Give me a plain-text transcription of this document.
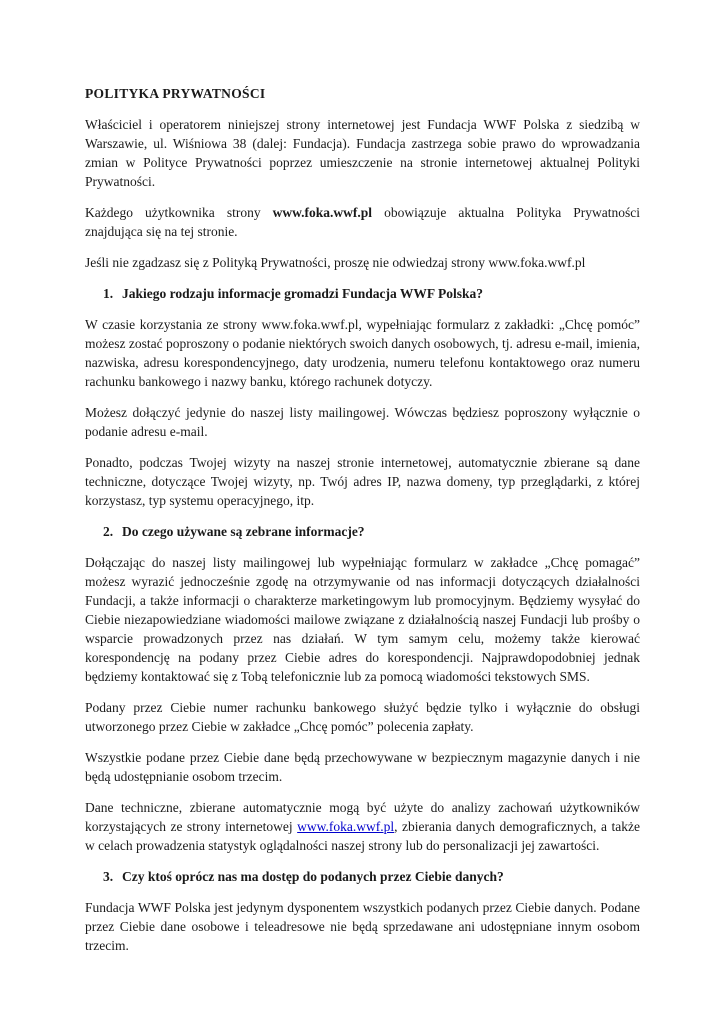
POLITYKA PRYWATNOŚCI

Właściciel i operatorem niniejszej strony internetowej jest Fundacja WWF Polska z siedzibą w Warszawie, ul. Wiśniowa 38 (dalej: Fundacja). Fundacja zastrzega sobie prawo do wprowadzania zmian w Polityce Prywatności poprzez umieszczenie na stronie internetowej aktualnej Polityki Prywatności.

Każdego użytkownika strony www.foka.wwf.pl obowiązuje aktualna Polityka Prywatności znajdująca się na tej stronie.

Jeśli nie zgadzasz się z Polityką Prywatności, proszę nie odwiedzaj strony www.foka.wwf.pl

1. Jakiego rodzaju informacje gromadzi Fundacja WWF Polska?

W czasie korzystania ze strony www.foka.wwf.pl, wypełniając formularz z zakładki: „Chcę pomóc” możesz zostać poproszony o podanie niektórych swoich danych osobowych, tj. adresu e-mail, imienia, nazwiska, adresu korespondencyjnego, daty urodzenia, numeru telefonu kontaktowego oraz numeru rachunku bankowego i nazwy banku, którego rachunek dotyczy.

Możesz dołączyć jedynie do naszej listy mailingowej. Wówczas będziesz poproszony wyłącznie o podanie adresu e-mail.

Ponadto, podczas Twojej wizyty na naszej stronie internetowej, automatycznie zbierane są dane techniczne, dotyczące Twojej wizyty, np. Twój adres IP, nazwa domeny, typ przeglądarki, z której korzystasz, typ systemu operacyjnego, itp.

2. Do czego używane są zebrane informacje?

Dołączając do naszej listy mailingowej lub wypełniając formularz w zakładce „Chcę pomagać” możesz wyrazić jednocześnie zgodę na otrzymywanie od nas informacji dotyczących działalności Fundacji, a także informacji o charakterze marketingowym lub promocyjnym. Będziemy wysyłać do Ciebie niezapowiedziane wiadomości mailowe związane z działalnością naszej Fundacji lub prośby o wsparcie prowadzonych przez nas działań. W tym samym celu, możemy także kierować korespondencję na podany przez Ciebie adres do korespondencji. Najprawdopodobniej jednak będziemy kontaktować się z Tobą telefonicznie lub za pomocą wiadomości tekstowych SMS.

Podany przez Ciebie numer rachunku bankowego służyć będzie tylko i wyłącznie do obsługi utworzonego przez Ciebie w zakładce „Chcę pomóc” polecenia zapłaty.

Wszystkie podane przez Ciebie dane będą przechowywane w bezpiecznym magazynie danych i nie będą udostępnianie osobom trzecim.

Dane techniczne, zbierane automatycznie mogą być użyte do analizy zachowań użytkowników korzystających ze strony internetowej www.foka.wwf.pl, zbierania danych demograficznych, a także w celach prowadzenia statystyk oglądalności naszej strony lub do personalizacji jej zawartości.

3. Czy ktoś oprócz nas ma dostęp do podanych przez Ciebie danych?

Fundacja WWF Polska jest jedynym dysponentem wszystkich podanych przez Ciebie danych. Podane przez Ciebie dane osobowe i teleadresowe nie będą sprzedawane ani udostępniane innym osobom trzecim.
